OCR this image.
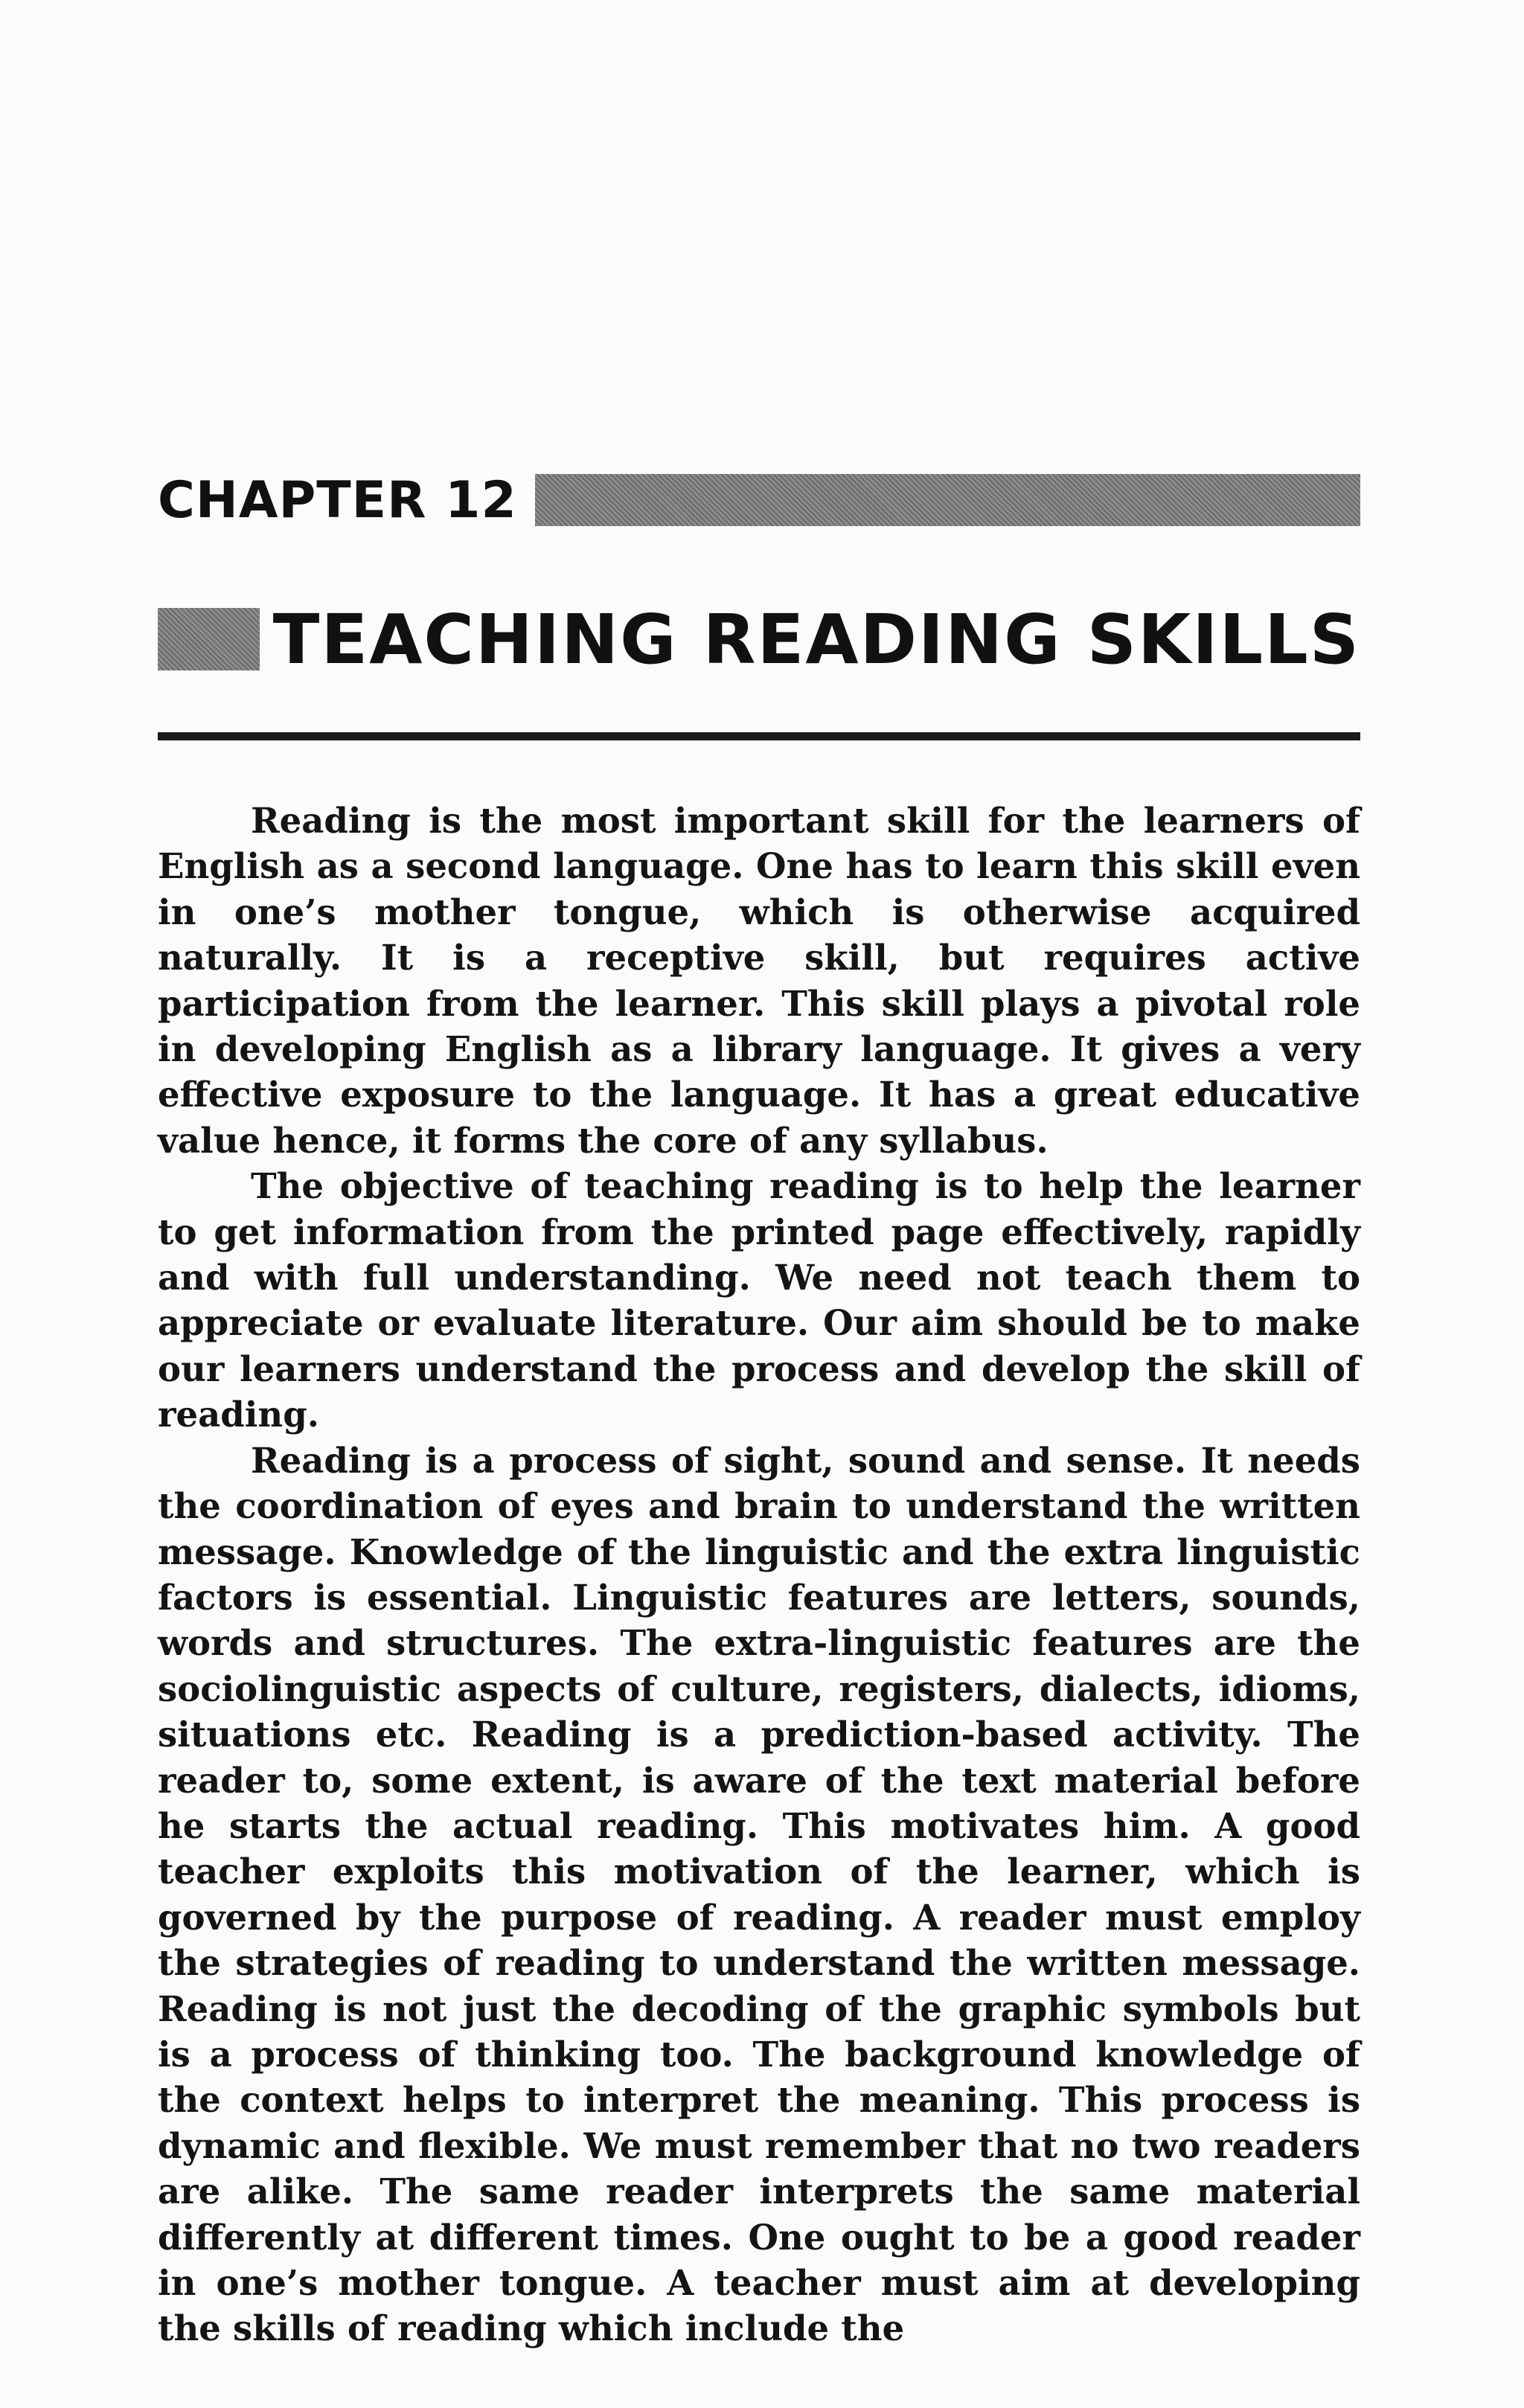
CHAPTER 12
TEACHING READING SKILLS

Reading is the most important skill for the learners of English as a second language. One has to learn this skill even in one’s mother tongue, which is otherwise acquired naturally. It is a receptive skill, but requires active participation from the learner. This skill plays a pivotal role in developing English as a library language. It gives a very effective exposure to the language. It has a great educative value hence, it forms the core of any syllabus.

The objective of teaching reading is to help the learner to get information from the printed page effectively, rapidly and with full understanding. We need not teach them to appreciate or evaluate literature. Our aim should be to make our learners understand the process and develop the skill of reading.

Reading is a process of sight, sound and sense. It needs the coordination of eyes and brain to understand the written message. Knowledge of the linguistic and the extra linguistic factors is essential. Linguistic features are letters, sounds, words and structures. The extra-linguistic features are the sociolinguistic aspects of culture, registers, dialects, idioms, situations etc. Reading is a prediction-based activity. The reader to, some extent, is aware of the text material before he starts the actual reading. This motivates him. A good teacher exploits this motivation of the learner, which is governed by the purpose of reading. A reader must employ the strategies of reading to understand the written message. Reading is not just the decoding of the graphic symbols but is a process of thinking too. The background knowledge of the context helps to interpret the meaning. This process is dynamic and flexible. We must remember that no two readers are alike. The same reader interprets the same material differently at different times. One ought to be a good reader in one’s mother tongue. A teacher must aim at developing the skills of reading which include the
